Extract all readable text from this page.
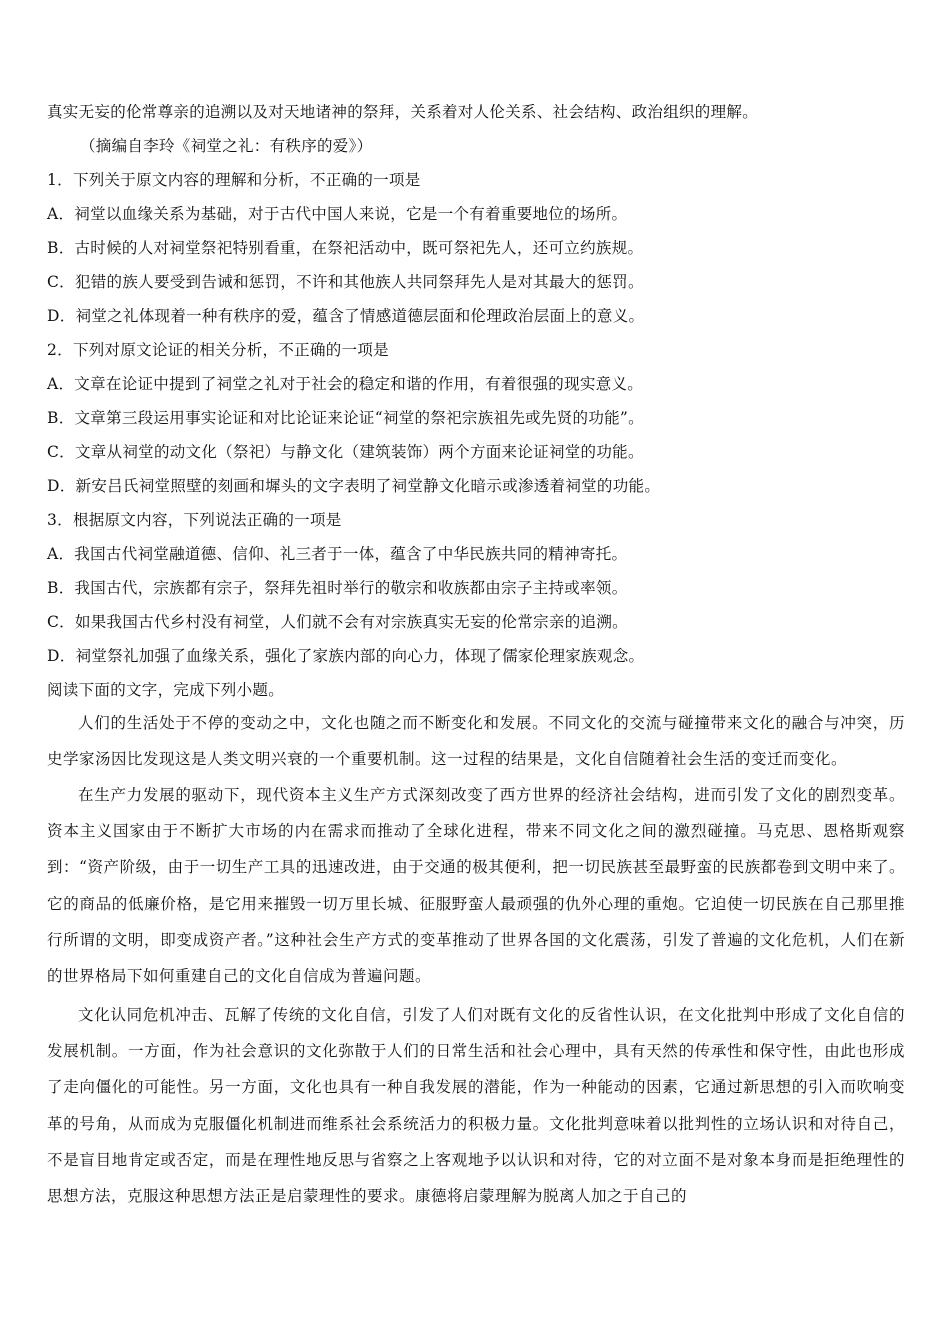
真实无妄的伦常尊亲的追溯以及对天地诸神的祭拜，关系着对人伦关系、社会结构、政治组织的理解。
（摘编自李玲《祠堂之礼：有秩序的爱》）
1．下列关于原文内容的理解和分析，不正确的一项是
A．祠堂以血缘关系为基础，对于古代中国人来说，它是一个有着重要地位的场所。
B．古时候的人对祠堂祭祀特别看重，在祭祀活动中，既可祭祀先人，还可立约族规。
C．犯错的族人要受到告诫和惩罚，不许和其他族人共同祭拜先人是对其最大的惩罚。
D．祠堂之礼体现着一种有秩序的爱，蕴含了情感道德层面和伦理政治层面上的意义。
2．下列对原文论证的相关分析，不正确的一项是
A．文章在论证中提到了祠堂之礼对于社会的稳定和谐的作用，有着很强的现实意义。
B．文章第三段运用事实论证和对比论证来论证“祠堂的祭祀宗族祖先或先贤的功能”。
C．文章从祠堂的动文化（祭祀）与静文化（建筑装饰）两个方面来论证祠堂的功能。
D．新安吕氏祠堂照壁的刻画和墀头的文字表明了祠堂静文化暗示或渗透着祠堂的功能。
3．根据原文内容，下列说法正确的一项是
A．我国古代祠堂融道德、信仰、礼三者于一体，蕴含了中华民族共同的精神寄托。
B．我国古代，宗族都有宗子，祭拜先祖时举行的敬宗和收族都由宗子主持或率领。
C．如果我国古代乡村没有祠堂，人们就不会有对宗族真实无妄的伦常宗亲的追溯。
D．祠堂祭礼加强了血缘关系，强化了家族内部的向心力，体现了儒家伦理家族观念。
阅读下面的文字，完成下列小题。
人们的生活处于不停的变动之中，文化也随之而不断变化和发展。不同文化的交流与碰撞带来文化的融合与冲突，历史学家汤因比发现这是人类文明兴衰的一个重要机制。这一过程的结果是，文化自信随着社会生活的变迁而变化。
在生产力发展的驱动下，现代资本主义生产方式深刻改变了西方世界的经济社会结构，进而引发了文化的剧烈变革。资本主义国家由于不断扩大市场的内在需求而推动了全球化进程，带来不同文化之间的激烈碰撞。马克思、恩格斯观察到：“资产阶级，由于一切生产工具的迅速改进，由于交通的极其便利，把一切民族甚至最野蛮的民族都卷到文明中来了。它的商品的低廉价格，是它用来摧毁一切万里长城、征服野蛮人最顽强的仇外心理的重炮。它迫使一切民族在自己那里推行所谓的文明，即变成资产者。”这种社会生产方式的变革推动了世界各国的文化震荡，引发了普遍的文化危机，人们在新的世界格局下如何重建自己的文化自信成为普遍问题。
文化认同危机冲击、瓦解了传统的文化自信，引发了人们对既有文化的反省性认识，在文化批判中形成了文化自信的发展机制。一方面，作为社会意识的文化弥散于人们的日常生活和社会心理中，具有天然的传承性和保守性，由此也形成了走向僵化的可能性。另一方面，文化也具有一种自我发展的潜能，作为一种能动的因素，它通过新思想的引入而吹响变革的号角，从而成为克服僵化机制进而维系社会系统活力的积极力量。文化批判意味着以批判性的立场认识和对待自己，不是盲目地肯定或否定，而是在理性地反思与省察之上客观地予以认识和对待，它的对立面不是对象本身而是拒绝理性的思想方法，克服这种思想方法正是启蒙理性的要求。康德将启蒙理解为脱离人加之于自己的
